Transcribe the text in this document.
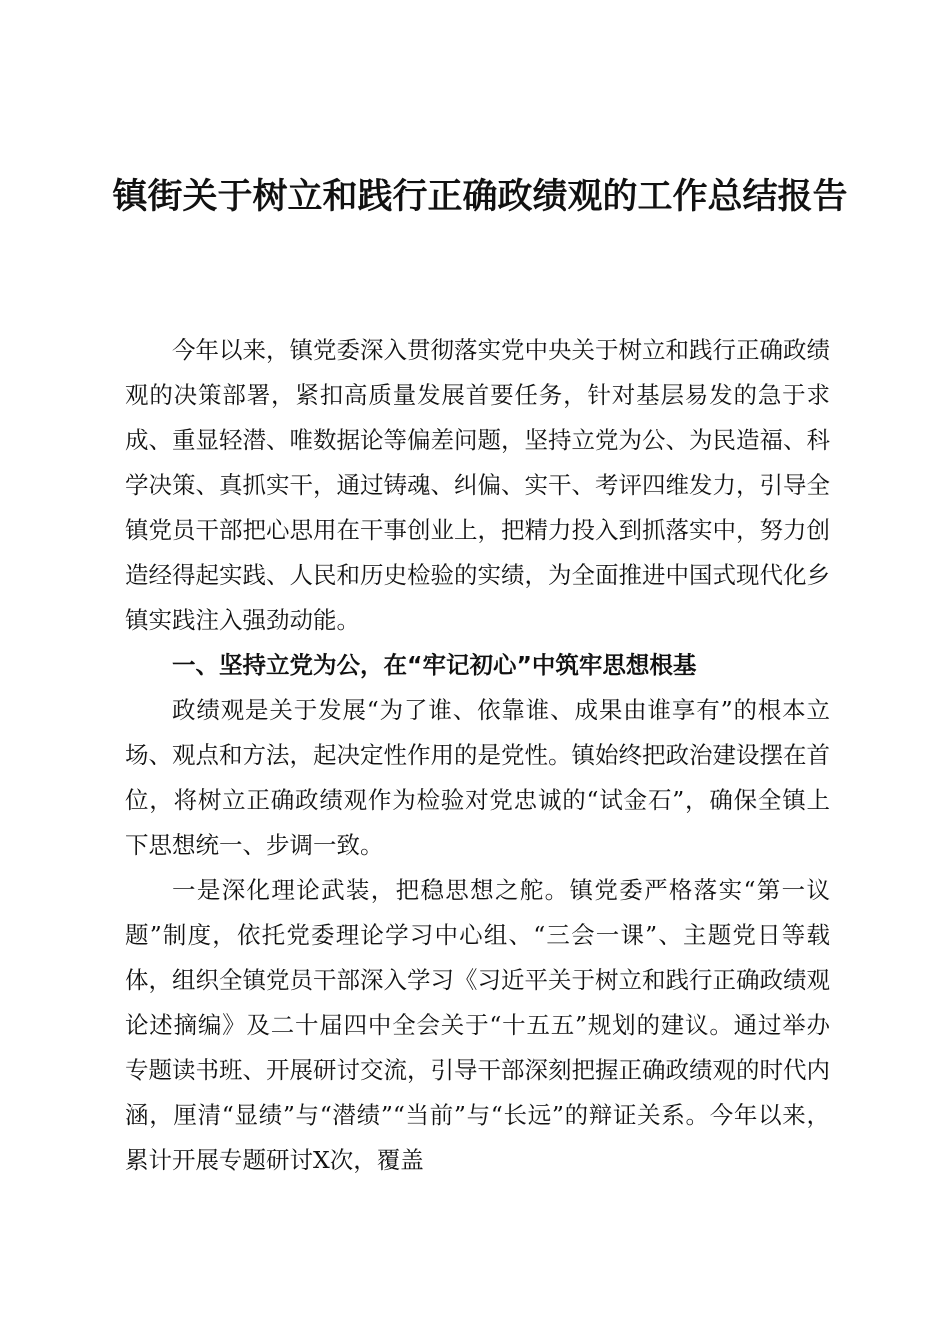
镇街关于树立和践行正确政绩观的工作总结报告

今年以来，镇党委深入贯彻落实党中央关于树立和践行正确政绩观的决策部署，紧扣高质量发展首要任务，针对基层易发的急于求成、重显轻潜、唯数据论等偏差问题，坚持立党为公、为民造福、科学决策、真抓实干，通过铸魂、纠偏、实干、考评四维发力，引导全镇党员干部把心思用在干事创业上，把精力投入到抓落实中，努力创造经得起实践、人民和历史检验的实绩，为全面推进中国式现代化乡镇实践注入强劲动能。

一、坚持立党为公，在“牢记初心”中筑牢思想根基

政绩观是关于发展“为了谁、依靠谁、成果由谁享有”的根本立场、观点和方法，起决定性作用的是党性。镇始终把政治建设摆在首位，将树立正确政绩观作为检验对党忠诚的“试金石”，确保全镇上下思想统一、步调一致。

一是深化理论武装，把稳思想之舵。镇党委严格落实“第一议题”制度，依托党委理论学习中心组、“三会一课”、主题党日等载体，组织全镇党员干部深入学习《习近平关于树立和践行正确政绩观论述摘编》及二十届四中全会关于“十五五”规划的建议。通过举办专题读书班、开展研讨交流，引导干部深刻把握正确政绩观的时代内涵，厘清“显绩”与“潜绩”“当前”与“长远”的辩证关系。今年以来，累计开展专题研讨X次，覆盖
